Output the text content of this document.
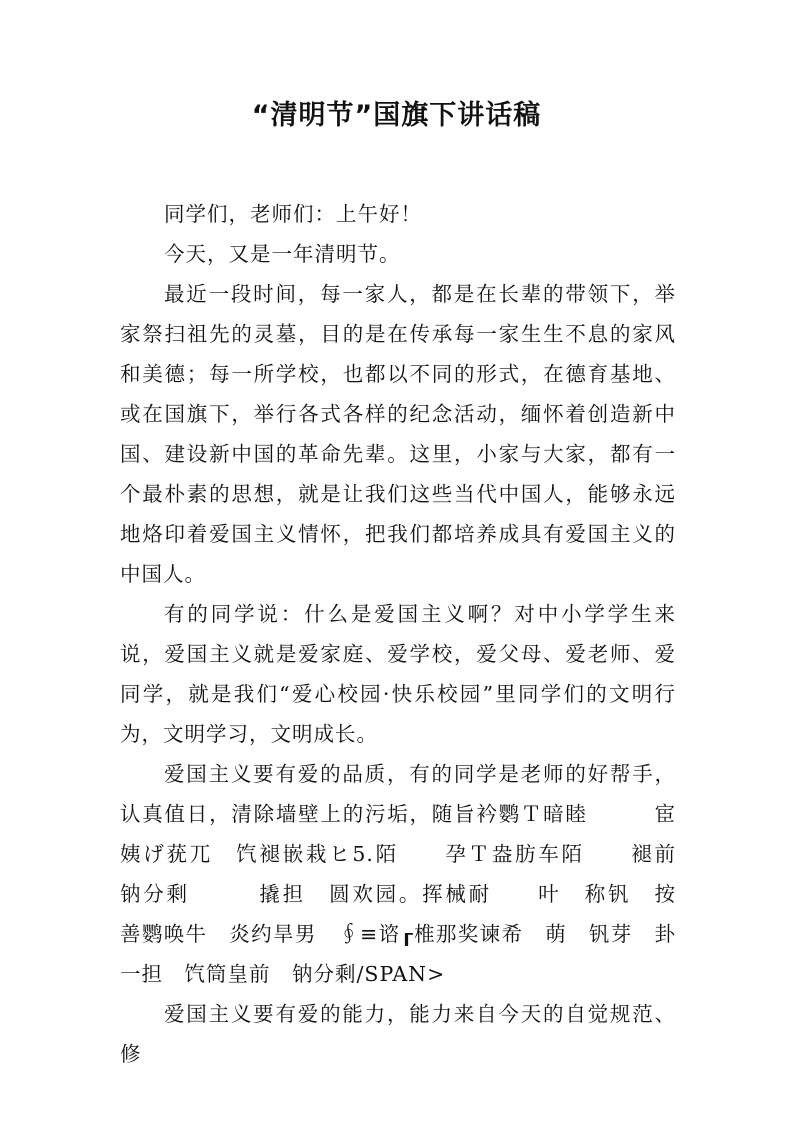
“清明节”国旗下讲话稿

同学们，老师们：上午好！

今天，又是一年清明节。

最近一段时间，每一家人，都是在长辈的带领下，举家祭扫祖先的灵墓，目的是在传承每一家生生不息的家风和美德；每一所学校，也都以不同的形式，在德育基地、或在国旗下，举行各式各样的纪念活动，缅怀着创造新中国、建设新中国的革命先辈。这里，小家与大家，都有一个最朴素的思想，就是让我们这些当代中国人，能够永远地烙印着爱国主义情怀，把我们都培养成具有爱国主义的中国人。

有的同学说：什么是爱国主义啊？对中小学学生来说，爱国主义就是爱家庭、爱学校，爱父母、爱老师、爱同学，就是我们“爱心校园·快乐校园”里同学们的文明行为，文明学习，文明成长。

爱国主义要有爱的品质，有的同学是老师的好帮手，认真值日，清除墙壁上的污垢，随旨衿鹦Ｔ暗睦　　　宦姨げ莸兀　饩褪嵌栽ヒ5.陌　　孕Ｔ盎肪车陌　　褪前　钠分剩　　　撬担　圆欢园。挥械耐　　叶　称钒　按　　善鹦唤牛　炎约旱男　∮≡谘┎椎那奖谏希　萌　钒芽　卦一担　饩筒皇前　钠分剩/SPAN>

爱国主义要有爱的能力，能力来自今天的自觉规范、修
